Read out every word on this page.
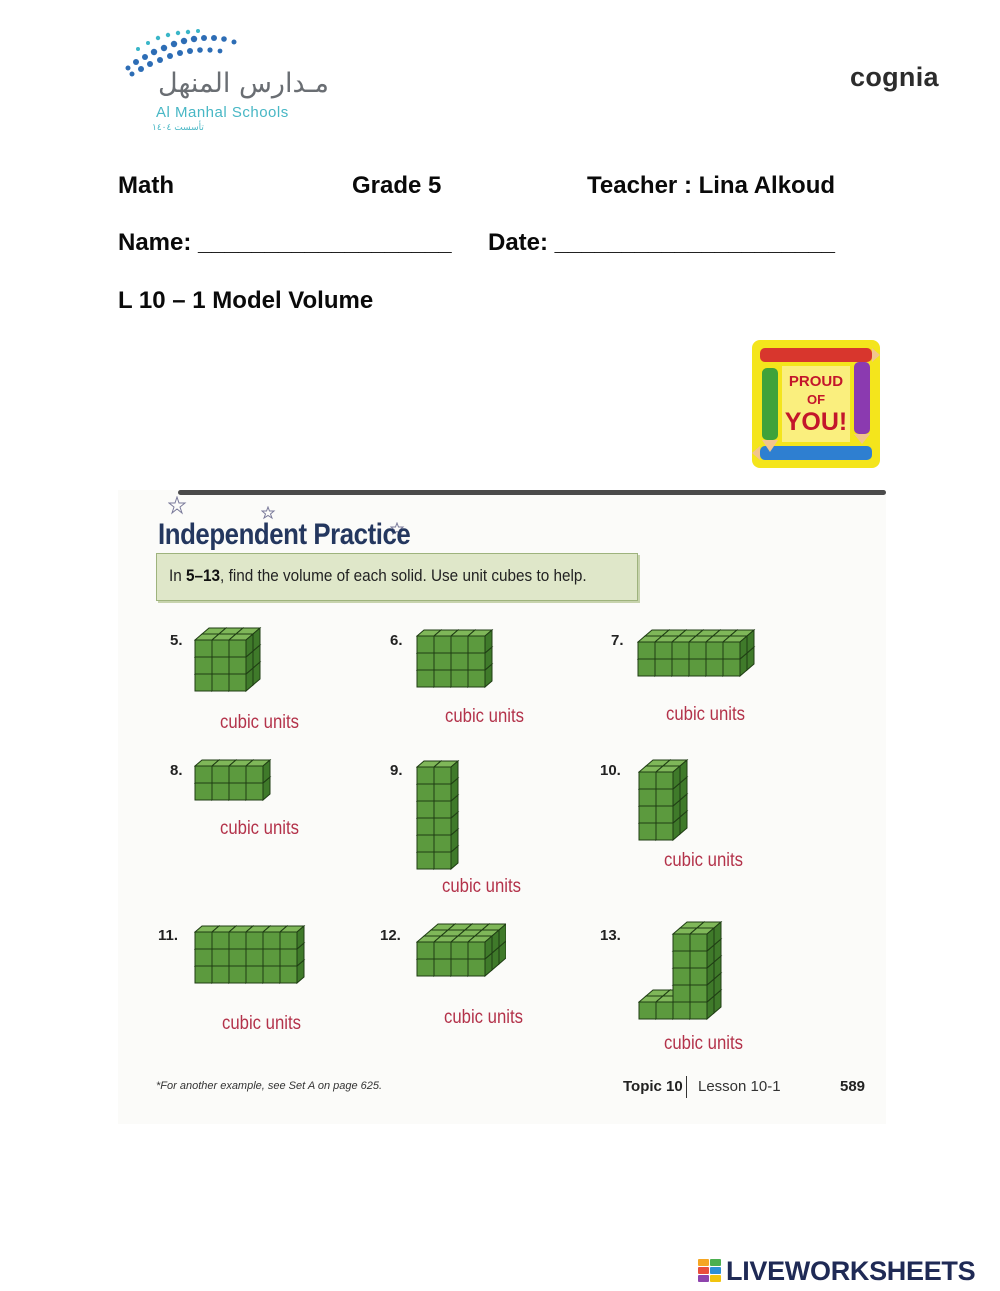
مـدارس المنهل
Al Manhal Schools
تأسست ١٤٠٤
cognia
Math	Grade 5	Teacher : Lina Alkoud
Name: ___________________ Date: _____________________
L 10 – 1 Model Volume
PROUD
OF
YOU!
Independent Practice
In 5–13, find the volume of each solid. Use unit cubes to help.
5.
cubic units
6.
cubic units
7.
cubic units
8.
cubic units
9.
cubic units
10.
cubic units
11.
cubic units
12.
cubic units
13.
cubic units
*For another example, see Set A on page 625.	Topic 10 Lesson 10-1	589
LIVEWORKSHEETS
